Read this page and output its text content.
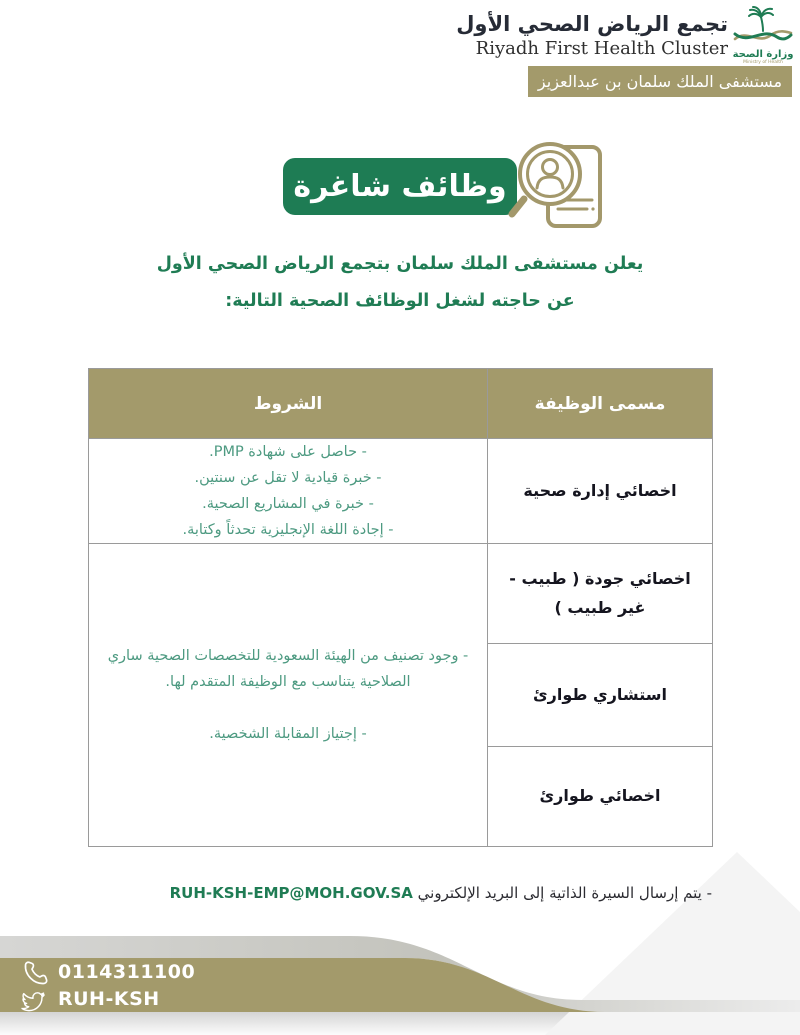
تجمع الرياض الصحي الأول
Riyadh First Health Cluster وزارة الصحة
Ministry of Health
مستشفى الملك سلمان بن عبدالعزيز
وظائف شاغرة
يعلن مستشفى الملك سلمان بتجمع الرياض الصحي الأول
عن حاجته لشغل الوظائف الصحية التالية:
مسمى الوظيفة	الشروط
اخصائي إدارة صحية	- حاصل على شهادة PMP.
- خبرة قيادية لا تقل عن سنتين.
- خبرة في المشاريع الصحية.
- إجادة اللغة الإنجليزية تحدثاً وكتابة.

اخصائي جودة ( طبيب - غير طبيب )	- وجود تصنيف من الهيئة السعودية للتخصصات الصحية ساري الصلاحية يتناسب مع الوظيفة المتقدم لها.
- إجتياز المقابلة الشخصية.

استشاري طوارئ	
اخصائي طوارئ	
- يتم إرسال السيرة الذاتية إلى البريد الإلكتروني RUH-KSH-EMP@MOH.GOV.SA
0114311100
RUH-KSH
